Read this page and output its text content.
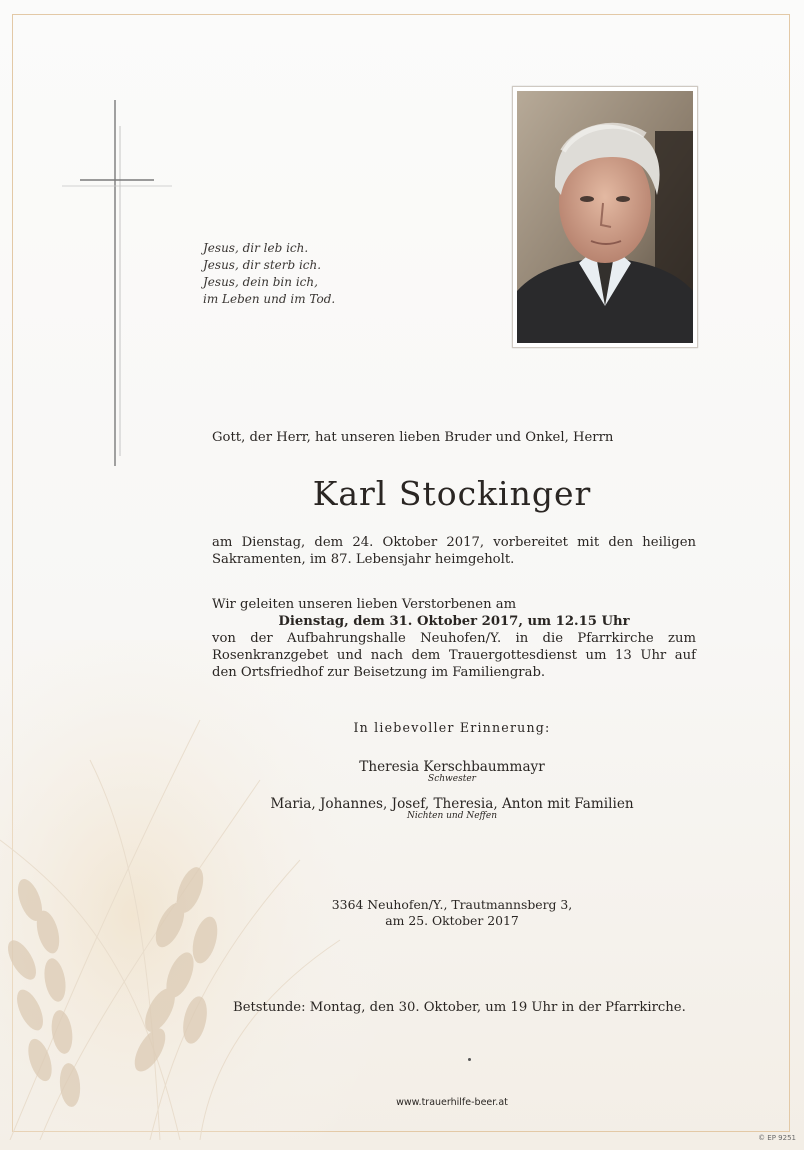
Jesus, dir leb ich.
Jesus, dir sterb ich.
Jesus, dein bin ich,
im Leben und im Tod.
Gott, der Herr, hat unseren lieben Bruder und Onkel, Herrn
Karl Stockinger
am Dienstag, dem 24. Oktober 2017, vorbereitet mit den heiligen
Sakramenten, im 87. Lebensjahr heimgeholt.
Wir geleiten unseren lieben Verstorbenen am
Dienstag, dem 31. Oktober 2017, um 12.15 Uhr
von der Aufbahrungshalle Neuhofen/Y. in die Pfarrkirche zum
Rosenkranzgebet und nach dem Trauergottesdienst um 13 Uhr auf
den Ortsfriedhof zur Beisetzung im Familiengrab.
In liebevoller Erinnerung:
Theresia Kerschbaummayr
Schwester
Maria, Johannes, Josef, Theresia, Anton mit Familien
Nichten und Neffen
3364 Neuhofen/Y., Trautmannsberg 3,
am 25. Oktober 2017
Betstunde: Montag, den 30. Oktober, um 19 Uhr in der Pfarrkirche.
www.trauerhilfe-beer.at
© EP 9251
